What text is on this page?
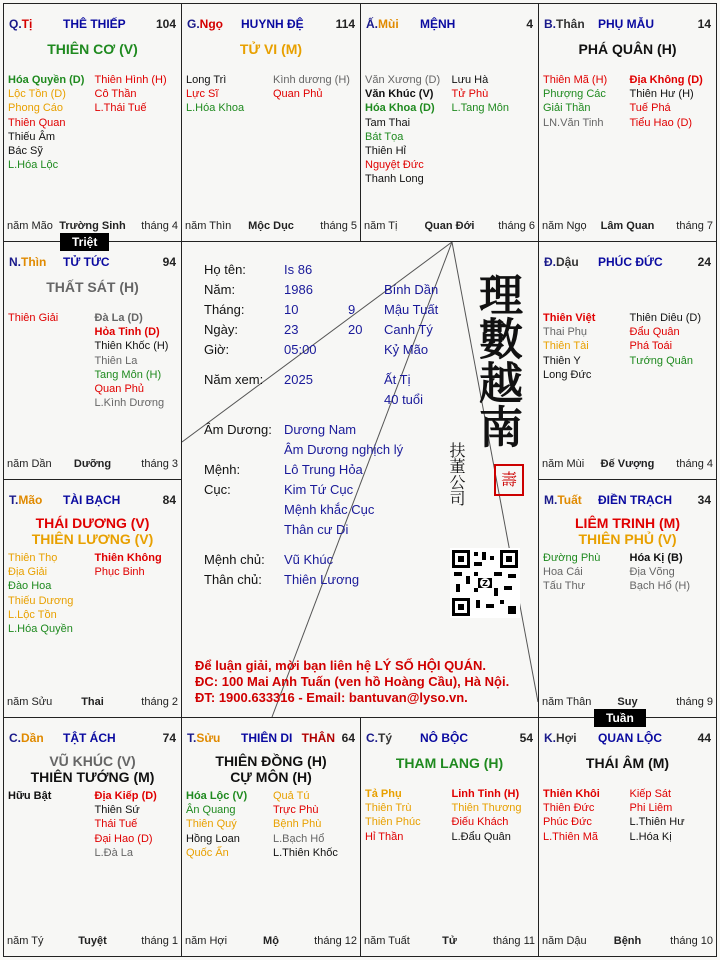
Họ tên:	Is 86
Năm:	1986	Bính Dần
Tháng:	10	9 Mậu Tuất
Ngày:	23	20 Canh Tý
Giờ:	05:00	Kỷ Mão
Năm xem: 2025	Ất Tị
40 tuổi
Âm Dương: Dương Nam
Âm Dương nghịch lý
Mệnh:	Lô Trung Hỏa
Cục:	Kim Tứ Cục
Mệnh khắc Cục
Thân cư Di
Mệnh chủ: Vũ Khúc
Thân chủ: Thiên Lương
理數越南
扶董公司	壽
Z
Để luận giải, mời bạn liên hệ LÝ SỐ HỘI QUÁN.
ĐC: 100 Mai Anh Tuấn (ven hồ Hoàng Cầu), Hà Nội.
ĐT: 1900.633316 - Email: bantuvan@lyso.vn.
Triệt
Tuần
Q.Tị	THÊ THIẾP	104
THIÊN CƠ (V)
Hóa Quyền (D)
Lộc Tồn (D)
Phong Cáo
Thiên Quan
Thiếu Âm
Bác Sỹ
L.Hóa Lộc
Thiên Hình (H)
Cô Thần
L.Thái Tuế
năm Mão Trường Sinh	tháng 4
G.Ngọ HUYNH ĐỆ	114
TỬ VI (M)
Long Trì
Lực Sĩ
L.Hóa Khoa
Kình dương (H)
Quan Phủ
năm Thìn	Mộc Dục	tháng 5
Ấ.Mùi MỆNH	4
Văn Xương (D)
Văn Khúc (V)
Hóa Khoa (D)
Tam Thai
Bát Tọa
Thiên Hỉ
Nguyệt Đức
Thanh Long
Lưu Hà
Tử Phù
L.Tang Môn
năm Tị	Quan Đới	tháng 6
B.Thân PHỤ MẪU	14
PHÁ QUÂN (H)
Thiên Mã (H)
Phượng Các
Giải Thần
LN.Văn Tinh
Địa Không (D)
Thiên Hư (H)
Tuế Phá
Tiểu Hao (D)
năm Ngọ	Lâm Quan	tháng 7
N.Thìn TỬ TỨC	94
THẤT SÁT (H)
Thiên Giải	Đà La (D)
Hỏa Tinh (D)
Thiên Khốc (H)
Thiên La
Tang Môn (H)
Quan Phủ
L.Kình Dương
năm Dần	Dưỡng	tháng 3
Đ.Dậu PHÚC ĐỨC	24
Thiên Việt
Thai Phụ
Thiên Tài
Thiên Y
Long Đức
Thiên Diêu (D)
Đẩu Quân
Phá Toái
Tướng Quân
năm Mùi	Đế Vượng	tháng 4
T.Mão TÀI BẠCH	84
THÁI DƯƠNG (V)
THIÊN LƯƠNG (V)
Thiên Thọ
Địa Giải
Đào Hoa
Thiếu Dương
L.Lộc Tồn
L.Hóa Quyền
Thiên Không
Phục Binh
năm Sửu	Thai	tháng 2
M.Tuất ĐIỀN TRẠCH 34
LIÊM TRINH (M)
THIÊN PHỦ (V)
Đường Phù
Hoa Cái
Tấu Thư
Hóa Kị (B)
Địa Võng
Bạch Hổ (H)
năm Thân	Suy	tháng 9
C.Dần TẬT ÁCH	74
VŨ KHÚC (V)
THIÊN TƯỚNG (M)
Hữu Bật	Địa Kiếp (D)
Thiên Sứ
Thái Tuế
Đại Hao (D)
L.Đà La
năm Tý	Tuyệt	tháng 1
T.Sửu THIÊN DI	64
THÂN
THIÊN ĐỒNG (H)
CỰ MÔN (H)
Hóa Lộc (V)
Ân Quang
Thiên Quý
Hồng Loan
Quốc Ấn
Quả Tú
Trực Phù
Bệnh Phù
L.Bạch Hổ
L.Thiên Khốc
năm Hợi	Mộ	tháng 12
C.Tý NÔ BỘC	54
THAM LANG (H)
Tả Phụ
Thiên Trù
Thiên Phúc
Hỉ Thần
Linh Tinh (H)
Thiên Thương
Điếu Khách
L.Đẩu Quân
năm Tuất	Tử	tháng 11
K.Hợi QUAN LỘC	44
THÁI ÂM (M)
Thiên Khôi
Thiên Đức
Phúc Đức
L.Thiên Mã
Kiếp Sát
Phi Liêm
L.Thiên Hư
L.Hóa Kị
năm Dậu	Bệnh	tháng 10
